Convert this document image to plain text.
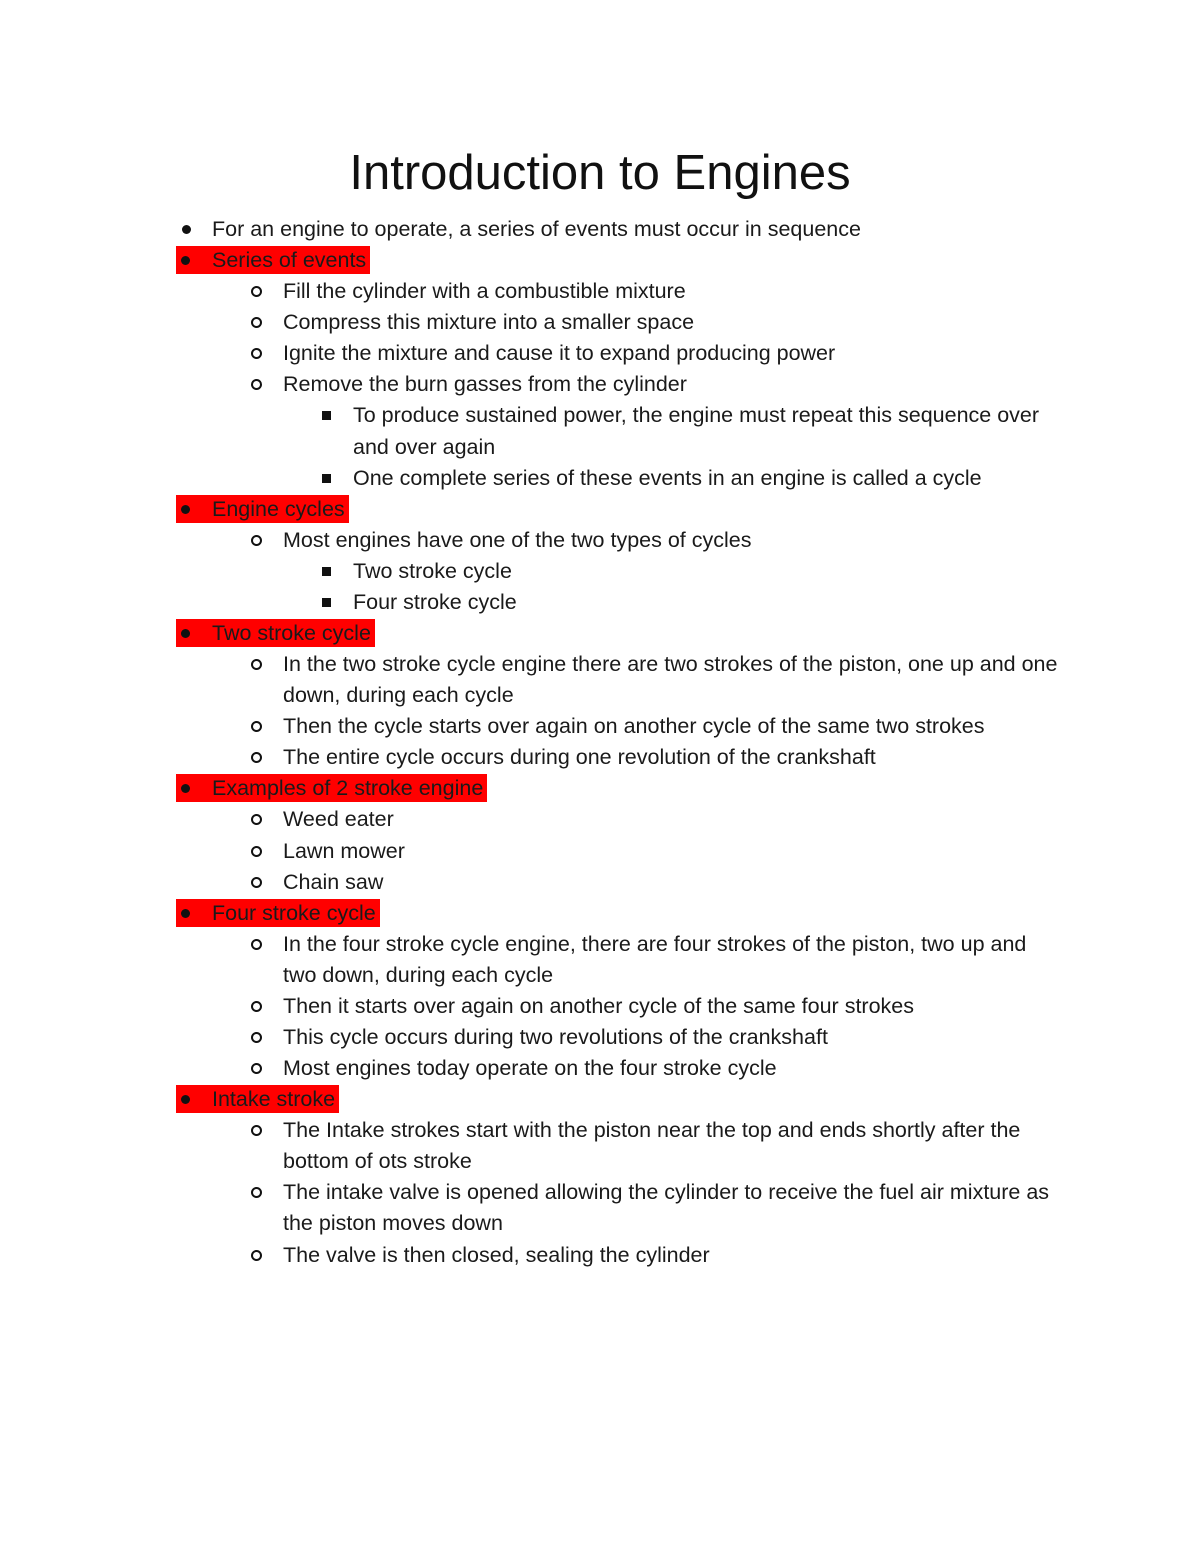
Introduction to Engines
For an engine to operate, a series of events must occur in sequence
Series of events
Fill the cylinder with a combustible mixture
Compress this mixture into a smaller space
Ignite the mixture and cause it to expand producing power
Remove the burn gasses from the cylinder
To produce sustained power, the engine must repeat this sequence over and over again
One complete series of these events in an engine is called a cycle
Engine cycles
Most engines have one of the two types of cycles
Two stroke cycle
Four stroke cycle
Two stroke cycle
In the two stroke cycle engine there are two strokes of the piston, one up and one down, during each cycle
Then the cycle starts over again on another cycle of the same two strokes
The entire cycle occurs during one revolution of the crankshaft
Examples of 2 stroke engine
Weed eater
Lawn mower
Chain saw
Four stroke cycle
In the four stroke cycle engine, there are four strokes of the piston, two up and two down, during each cycle
Then it starts over again on another cycle of the same four strokes
This cycle occurs during two revolutions of the crankshaft
Most engines today operate on the four stroke cycle
Intake stroke
The Intake strokes start with the piston near the top and ends shortly after the bottom of ots stroke
The intake valve is opened allowing the cylinder to receive the fuel air mixture as the piston moves down
The valve is then closed, sealing the cylinder
